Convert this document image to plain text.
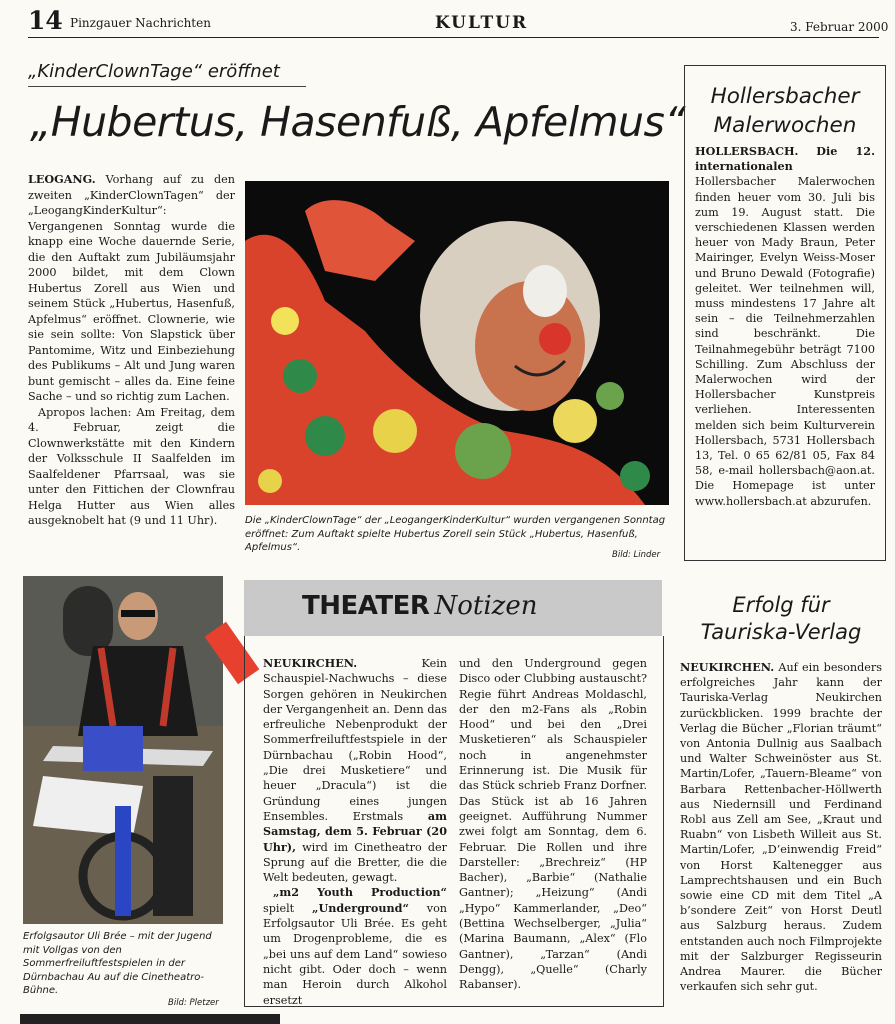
14 Pinzgauer Nachrichten	KULTUR	3. Februar 2000
„KinderClownTage“ eröffnet
„Hubertus, Hasenfuß, Apfelmus“

LEOGANG. Vorhang auf zu den zweiten „KinderClownTagen“ der „LeogangKinderKultur“: Vergangenen Sonntag wurde die knapp eine Woche dauernde Serie, die den Auftakt zum Jubiläumsjahr 2000 bildet, mit dem Clown Hubertus Zorell aus Wien und seinem Stück „Hubertus, Hasenfuß, Apfelmus“ eröffnet. Clownerie, wie sie sein sollte: Von Slapstick über Pantomime, Witz und Einbeziehung des Publikums – Alt und Jung waren bunt gemischt – alles da. Eine feine Sache – und so richtig zum Lachen.

Apropos lachen: Am Freitag, dem 4. Februar, zeigt die Clownwerkstätte mit den Kindern der Volksschule II Saalfelden im Saalfeldener Pfarrsaal, was sie unter den Fittichen der Clownfrau Helga Hutter aus Wien alles ausgeknobelt hat (9 und 11 Uhr).	Die „KinderClownTage“ der „LeogangerKinderKultur“ wurden vergangenen Sonntag eröffnet: Zum Auftakt spielte Hubertus Zorell sein Stück „Hubertus, Hasenfuß, Apfelmus“.
Bild: Linder
Hollersbacher
Malerwochen

HOLLERSBACH. Die 12. internationalen Hollersbacher Malerwochen finden heuer vom 30. Juli bis zum 19. August statt. Die verschiedenen Klassen werden heuer von Mady Braun, Peter Mairinger, Evelyn Weiss-Moser und Bruno Dewald (Fotografie) geleitet. Wer teilnehmen will, muss mindestens 17 Jahre alt sein – die Teilnehmerzahlen sind beschränkt. Die Teilnahmegebühr beträgt 7100 Schilling. Zum Abschluss der Malerwochen wird der Hollersbacher Kunstpreis verliehen. Interessenten melden sich beim Kulturverein Hollersbach, 5731 Hollersbach 13, Tel. 0 65 62/81 05, Fax 84 58, e-mail hollersbach@aon.at. Die Homepage ist unter www.hollersbach.at abzurufen.

Erfolgsautor Uli Brée – mit der Jugend mit Vollgas von den Sommerfreiluftfestspielen in der Dürnbachau Au auf die Cinetheatro-Bühne.
Bild: Pletzer
THEATER Notizen

NEUKIRCHEN.	Kein Schauspiel-Nachwuchs – diese Sorgen gehören in Neukirchen der Vergangenheit an. Denn das erfreuliche Nebenprodukt der Sommerfreiluftfestspiele in der Dürnbachau („Robin Hood“, „Die drei Musketiere“ und heuer „Dracula“) ist die Gründung eines jungen Ensembles. Erstmals am Samstag, dem 5. Februar (20 Uhr), wird im Cinetheatro der Sprung auf die Bretter, die die Welt bedeuten, gewagt.

„m2 Youth Production“ spielt „Underground“ von Erfolgsautor Uli Brée. Es geht um Drogenprobleme, die es „bei uns auf dem Land“ sowieso nicht gibt. Oder doch – wenn man Heroin durch Alkohol ersetzt

und den Underground gegen Disco oder Clubbing austauscht? Regie führt Andreas Moldaschl, der den m2-Fans als „Robin Hood“ und bei den „Drei Musketieren“ als Schauspieler noch in angenehmster Erinnerung ist. Die Musik für das Stück schrieb Franz Dorfner. Das Stück ist ab 16 Jahren geeignet. Aufführung Nummer zwei folgt am Sonntag, dem 6. Februar. Die Rollen und ihre Darsteller: „Brechreiz“ (HP Bacher), „Barbie“ (Nathalie Gantner); „Heizung“ (Andi „Hypo“ Kammerlander, „Deo“ (Bettina Wechselberger, „Julia“ (Marina Baumann, „Alex“ (Flo Gantner), „Tarzan“ (Andi Dengg), „Quelle“ (Charly Rabanser).

Erfolg für
Tauriska-Verlag

NEUKIRCHEN. Auf ein besonders erfolgreiches Jahr kann der Tauriska-Verlag Neukirchen zurückblicken. 1999 brachte der Verlag die Bücher „Florian träumt“ von Antonia Dullnig aus Saalbach und Walter Schweinöster aus St. Martin/Lofer, „Tauern-Bleame“ von Barbara Rettenbacher-Höllwerth aus Niedernsill und Ferdinand Robl aus Zell am See, „Kraut und Ruabn“ von Lisbeth Willeit aus St. Martin/Lofer, „D’einwendig Freid“ von Horst Kaltenegger aus Lamprechtshausen und ein Buch sowie eine CD mit dem Titel „A b’sondere Zeit“ von Horst Deutl aus Salzburg heraus. Zudem entstanden auch noch Filmprojekte mit der Salzburger Regisseurin Andrea Maurer. die Bücher verkaufen sich sehr gut.
